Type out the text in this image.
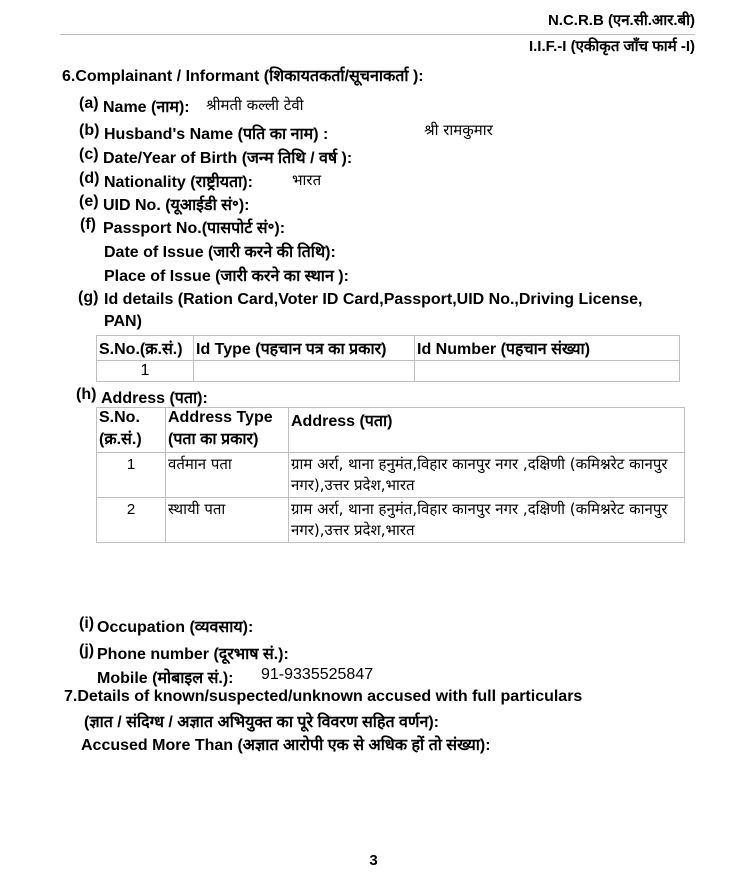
N.C.R.B (एन.सी.आर.बी)
I.I.F.-I (एकीकृत जाँच फार्म -I)
6.Complainant / Informant (शिकायतकर्ता/सूचनाकर्ता ):
(a) Name (नाम): श्रीमती कल्ली टेवी
(b) Husband's Name (पति का नाम) :	श्री रामकुमार
(c) Date/Year of Birth (जन्म तिथि / वर्ष ):
(d) Nationality (राष्ट्रीयता):	भारत
(e) UID No. (यूआईडी सं॰):
(f) Passport No.(पासपोर्ट सं॰):
Date of Issue (जारी करने की तिथि):
Place of Issue (जारी करने का स्थान ):
(g) Id details (Ration Card,Voter ID Card,Passport,UID No.,Driving License,
PAN)
S.No.(क्र.सं.)	Id Type (पहचान पत्र का प्रकार)	Id Number (पहचान संख्या)
1		
(h) Address (पता):
S.No. (क्र.सं.)	Address Type (पता का प्रकार)	Address (पता)
1	वर्तमान पता	ग्राम अर्रा, थाना हनुमंत,विहार कानपुर नगर ,दक्षिणी (कमिश्नरेट कानपुर नगर),उत्तर प्रदेश,भारत
2	स्थायी पता	ग्राम अर्रा, थाना हनुमंत,विहार कानपुर नगर ,दक्षिणी (कमिश्नरेट कानपुर नगर),उत्तर प्रदेश,भारत
(i) Occupation (व्यवसाय):
(j) Phone number (दूरभाष सं.):
Mobile (मोबाइल सं.): 91-9335525847
7.Details of known/suspected/unknown accused with full particulars
(ज्ञात / संदिग्ध / अज्ञात अभियुक्त का पूरे विवरण सहित वर्णन):
Accused More Than (अज्ञात आरोपी एक से अधिक हों तो संख्या):
3
